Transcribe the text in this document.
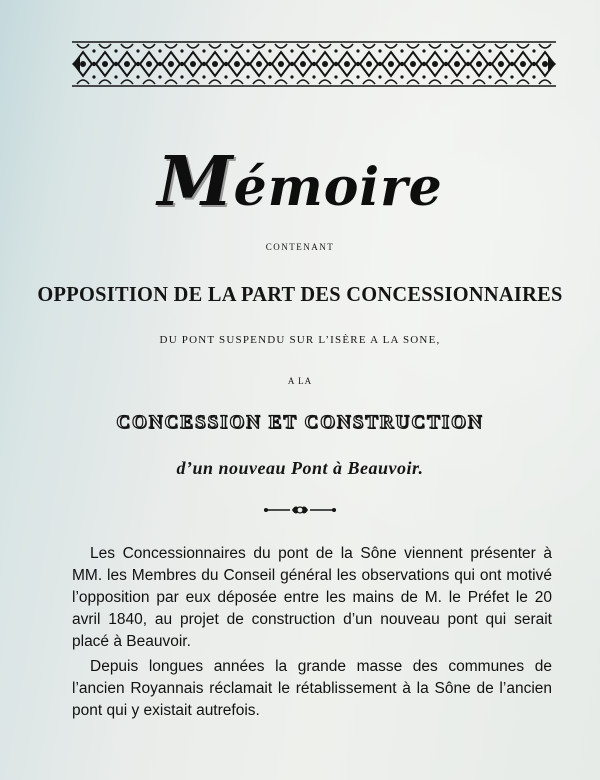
Mémoire
CONTENANT
OPPOSITION DE LA PART DES CONCESSIONNAIRES
DU PONT SUSPENDU SUR L’ISÈRE A LA SONE,
A LA
CONCESSION ET CONSTRUCTION
d’un nouveau Pont à Beauvoir.

Les Concessionnaires du pont de la Sône viennent présenter à MM. les Membres du Conseil général les observations qui ont motivé l’opposition par eux déposée entre les mains de M. le Préfet le 20 avril 1840, au projet de construction d’un nouveau pont qui serait placé à Beauvoir.

Depuis longues années la grande masse des communes de l’ancien Royannais réclamait le rétablissement à la Sône de l’ancien pont qui y existait autrefois.
